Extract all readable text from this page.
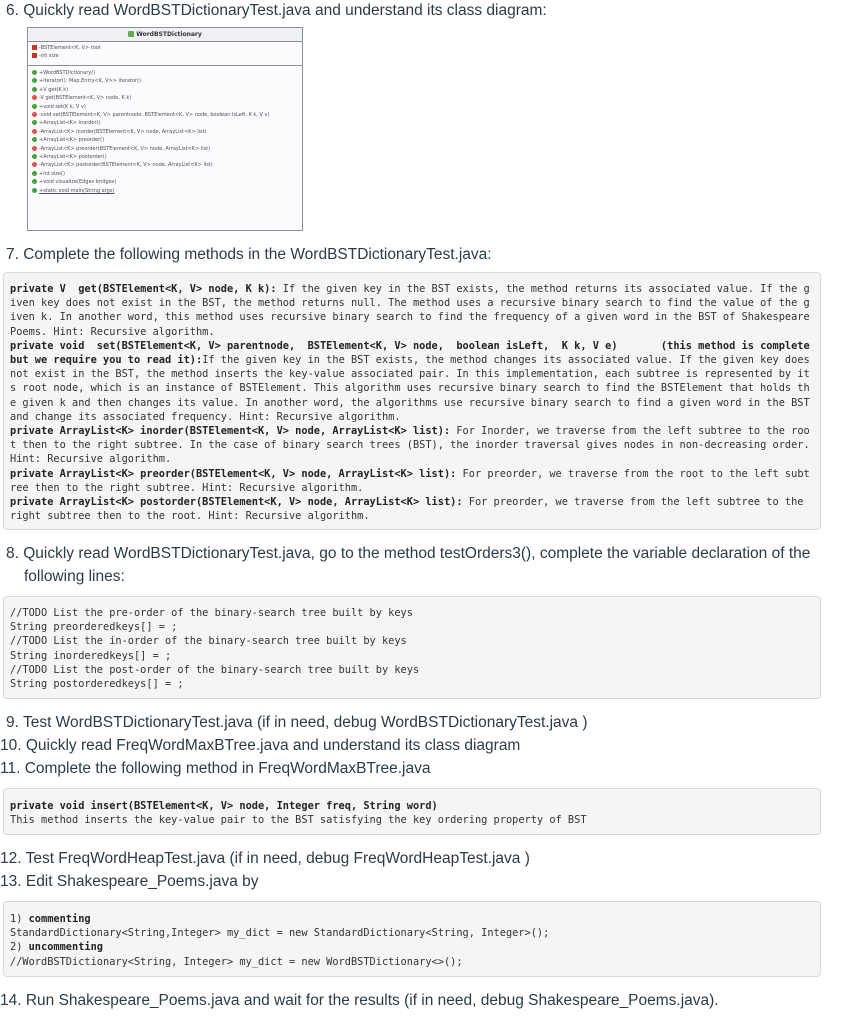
6. Quickly read WordBSTDictionaryTest.java and understand its class diagram:
WordBSTDictionary
-BSTElement<K, V> root
-int size
+WordBSTDictionary()
+iterator(): Map.Entry<K, V>> iterator()
+V get(K k)
-V get(BSTElement<K, V> node, K k)
+void set(K k, V v)
-void set(BSTElement<K, V> parentnode, BSTElement<K, V> node, boolean isLeft, K k, V v)
+ArrayList<K> inorder()
-ArrayList<K> inorder(BSTElement<K, V> node, ArrayList<K> list)
+ArrayList<K> preorder()
-ArrayList<K> preorder(BSTElement<K, V> node, ArrayList<K> list)
+ArrayList<K> postorder()
-ArrayList<K> postorder(BSTElement<K, V> node, ArrayList<K> list)
+int size()
+void visualize(Edges bridges)
+static void main(String args)
7. Complete the following methods in the WordBSTDictionaryTest.java:
private V  get(BSTElement<K, V> node, K k): If the given key in the BST exists, the method returns its associated value. If the given key does not exist in the BST, the method returns null. The method uses a recursive binary search to find the value of the given k. In another word, this method uses recursive binary search to find the frequency of a given word in the BST of Shakespeare Poems. Hint: Recursive algorithm.
private void  set(BSTElement<K, V> parentnode,  BSTElement<K, V> node,  boolean isLeft,  K k, V e)       (this method is complete but we require you to read it):If the given key in the BST exists, the method changes its associated value. If the given key does not exist in the BST, the method inserts the key-value associated pair. In this implementation, each subtree is represented by its root node, which is an instance of BSTElement. This algorithm uses recursive binary search to find the BSTElement that holds the given k and then changes its value. In another word, the algorithms use recursive binary search to find a given word in the BST and change its associated frequency. Hint: Recursive algorithm.
private ArrayList<K> inorder(BSTElement<K, V> node, ArrayList<K> list): For Inorder, we traverse from the left subtree to the root then to the right subtree. In the case of binary search trees (BST), the inorder traversal gives nodes in non-decreasing order. Hint: Recursive algorithm.
private ArrayList<K> preorder(BSTElement<K, V> node, ArrayList<K> list): For preorder, we traverse from the root to the left subtree then to the right subtree. Hint: Recursive algorithm.
private ArrayList<K> postorder(BSTElement<K, V> node, ArrayList<K> list): For preorder, we traverse from the left subtree to the right subtree then to the root. Hint: Recursive algorithm.
8. Quickly read WordBSTDictionaryTest.java, go to the method testOrders3(), complete the variable declaration of the
following lines:
//TODO List the pre-order of the binary-search tree built by keys
String preorderedkeys[] = ;
//TODO List the in-order of the binary-search tree built by keys
String inorderedkeys[] = ;
//TODO List the post-order of the binary-search tree built by keys
String postorderedkeys[] = ;
9. Test WordBSTDictionaryTest.java (if in need, debug WordBSTDictionaryTest.java )
10. Quickly read FreqWordMaxBTree.java and understand its class diagram
11. Complete the following method in FreqWordMaxBTree.java
private void insert(BSTElement<K, V> node, Integer freq, String word)
This method inserts the key-value pair to the BST satisfying the key ordering property of BST
12. Test FreqWordHeapTest.java (if in need, debug FreqWordHeapTest.java )
13. Edit Shakespeare_Poems.java by
1) commenting
StandardDictionary<String,Integer> my_dict = new StandardDictionary<String, Integer>();
2) uncommenting
//WordBSTDictionary<String, Integer> my_dict = new WordBSTDictionary<>();
14. Run Shakespeare_Poems.java and wait for the results (if in need, debug Shakespeare_Poems.java).
